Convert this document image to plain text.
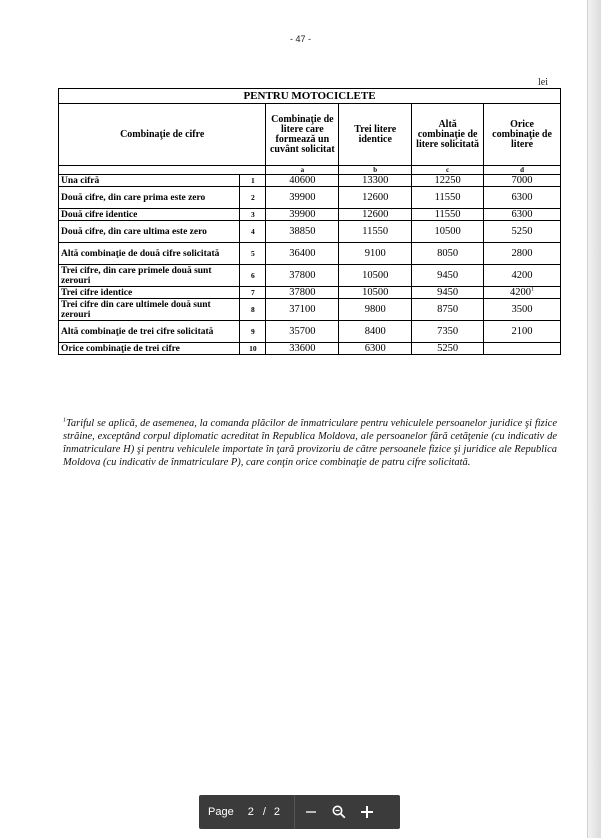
- 47 -
lei
PENTRU MOTOCICLETE					
Combinaţie de cifre		Combinaţie de litere care formează un cuvânt solicitat	Trei litere identice	Altă combinaţie de litere solicitată	Orice combinaţie de litere
		a	b	c	d
Una cifră	1	40600	13300	12250	7000
Două cifre, din care prima este zero	2	39900	12600	11550	6300
Două cifre identice	3	39900	12600	11550	6300
Două cifre, din care ultima este zero	4	38850	11550	10500	5250
Altă combinaţie de două cifre solicitată	5	36400	9100	8050	2800
Trei cifre, din care primele două sunt zerouri	6	37800	10500	9450	4200
Trei cifre identice	7	37800	10500	9450	4200$^1$
Trei cifre din care ultimele două sunt zerouri	8	37100	9800	8750	3500
Altă combinaţie de trei cifre solicitată	9	35700	8400	7350	2100
Orice combinaţie de trei cifre	10	33600	6300	5250	
$^1$Tariful se aplică, de asemenea, la comanda plăcilor de înmatriculare pentru vehiculele persoanelor juridice şi fizice străine, exceptând corpul diplomatic acreditat în Republica Moldova, ale persoanelor fără cetăţenie (cu indicativ de înmatriculare H) şi pentru vehiculele importate în ţară provizoriu de către persoanele fizice şi juridice ale Republica Moldova (cu indicativ de înmatriculare P), care conţin orice combinaţie de patru cifre solicitată.
Page 2 / 2
